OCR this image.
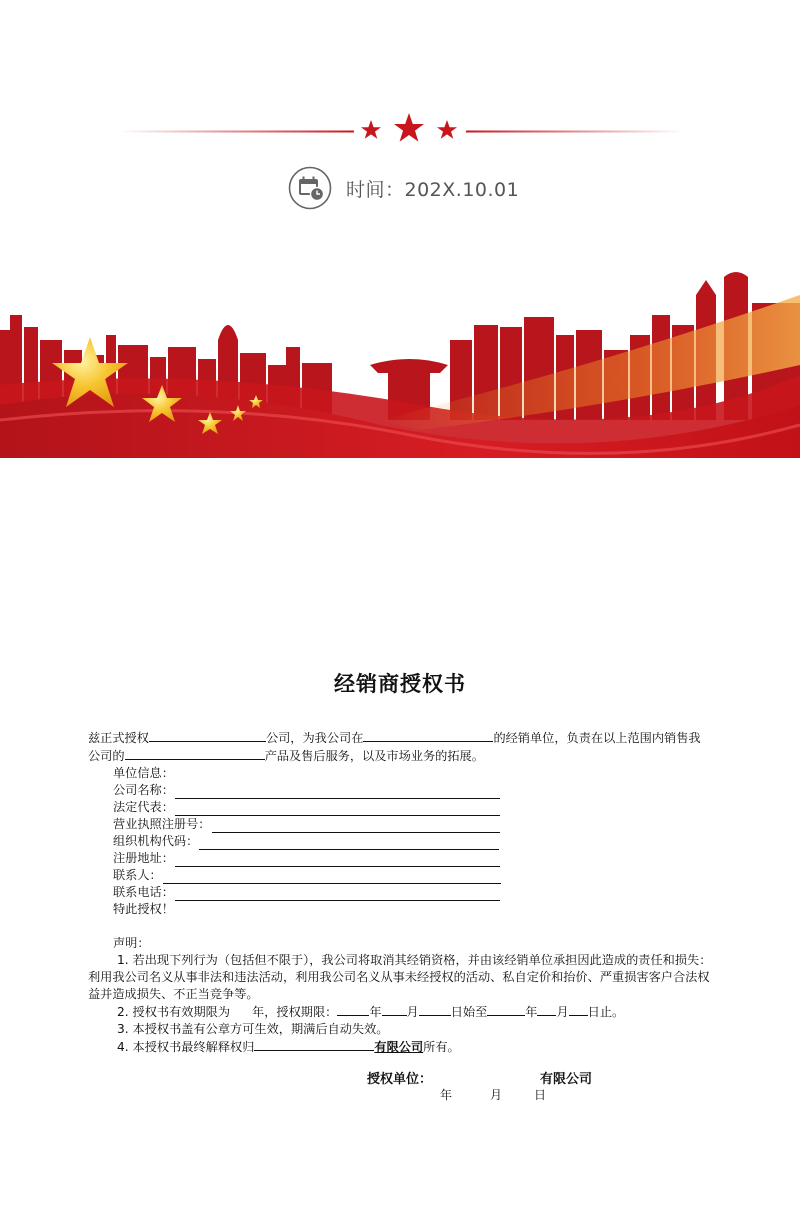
时间：202X.10.01
经销商授权书
兹正式授权	公司，为我公司在	的经销单位，负责在以上范围内销售我
公司的	产品及售后服务，以及市场业务的拓展。
单位信息：
公司名称：
法定代表：
营业执照注册号：
组织机构代码：
注册地址：
联系人：
联系电话：
特此授权！
声明：
1. 若出现下列行为（包括但不限于），我公司将取消其经销资格，并由该经销单位承担因此造成的责任和损失：利用我公司名义从事非法和违法活动，利用我公司名义从事未经授权的活动、私自定价和抬价、严重损害客户合法权益并造成损失、不正当竞争等。
2. 授权书有效期限为 年，授权期限：	年 月	日始至	年 月 日止。
3. 本授权书盖有公章方可生效，期满后自动失效。
4. 本授权书最终解释权归	有限公司所有。
授权单位：	有限公司
年	月	日
